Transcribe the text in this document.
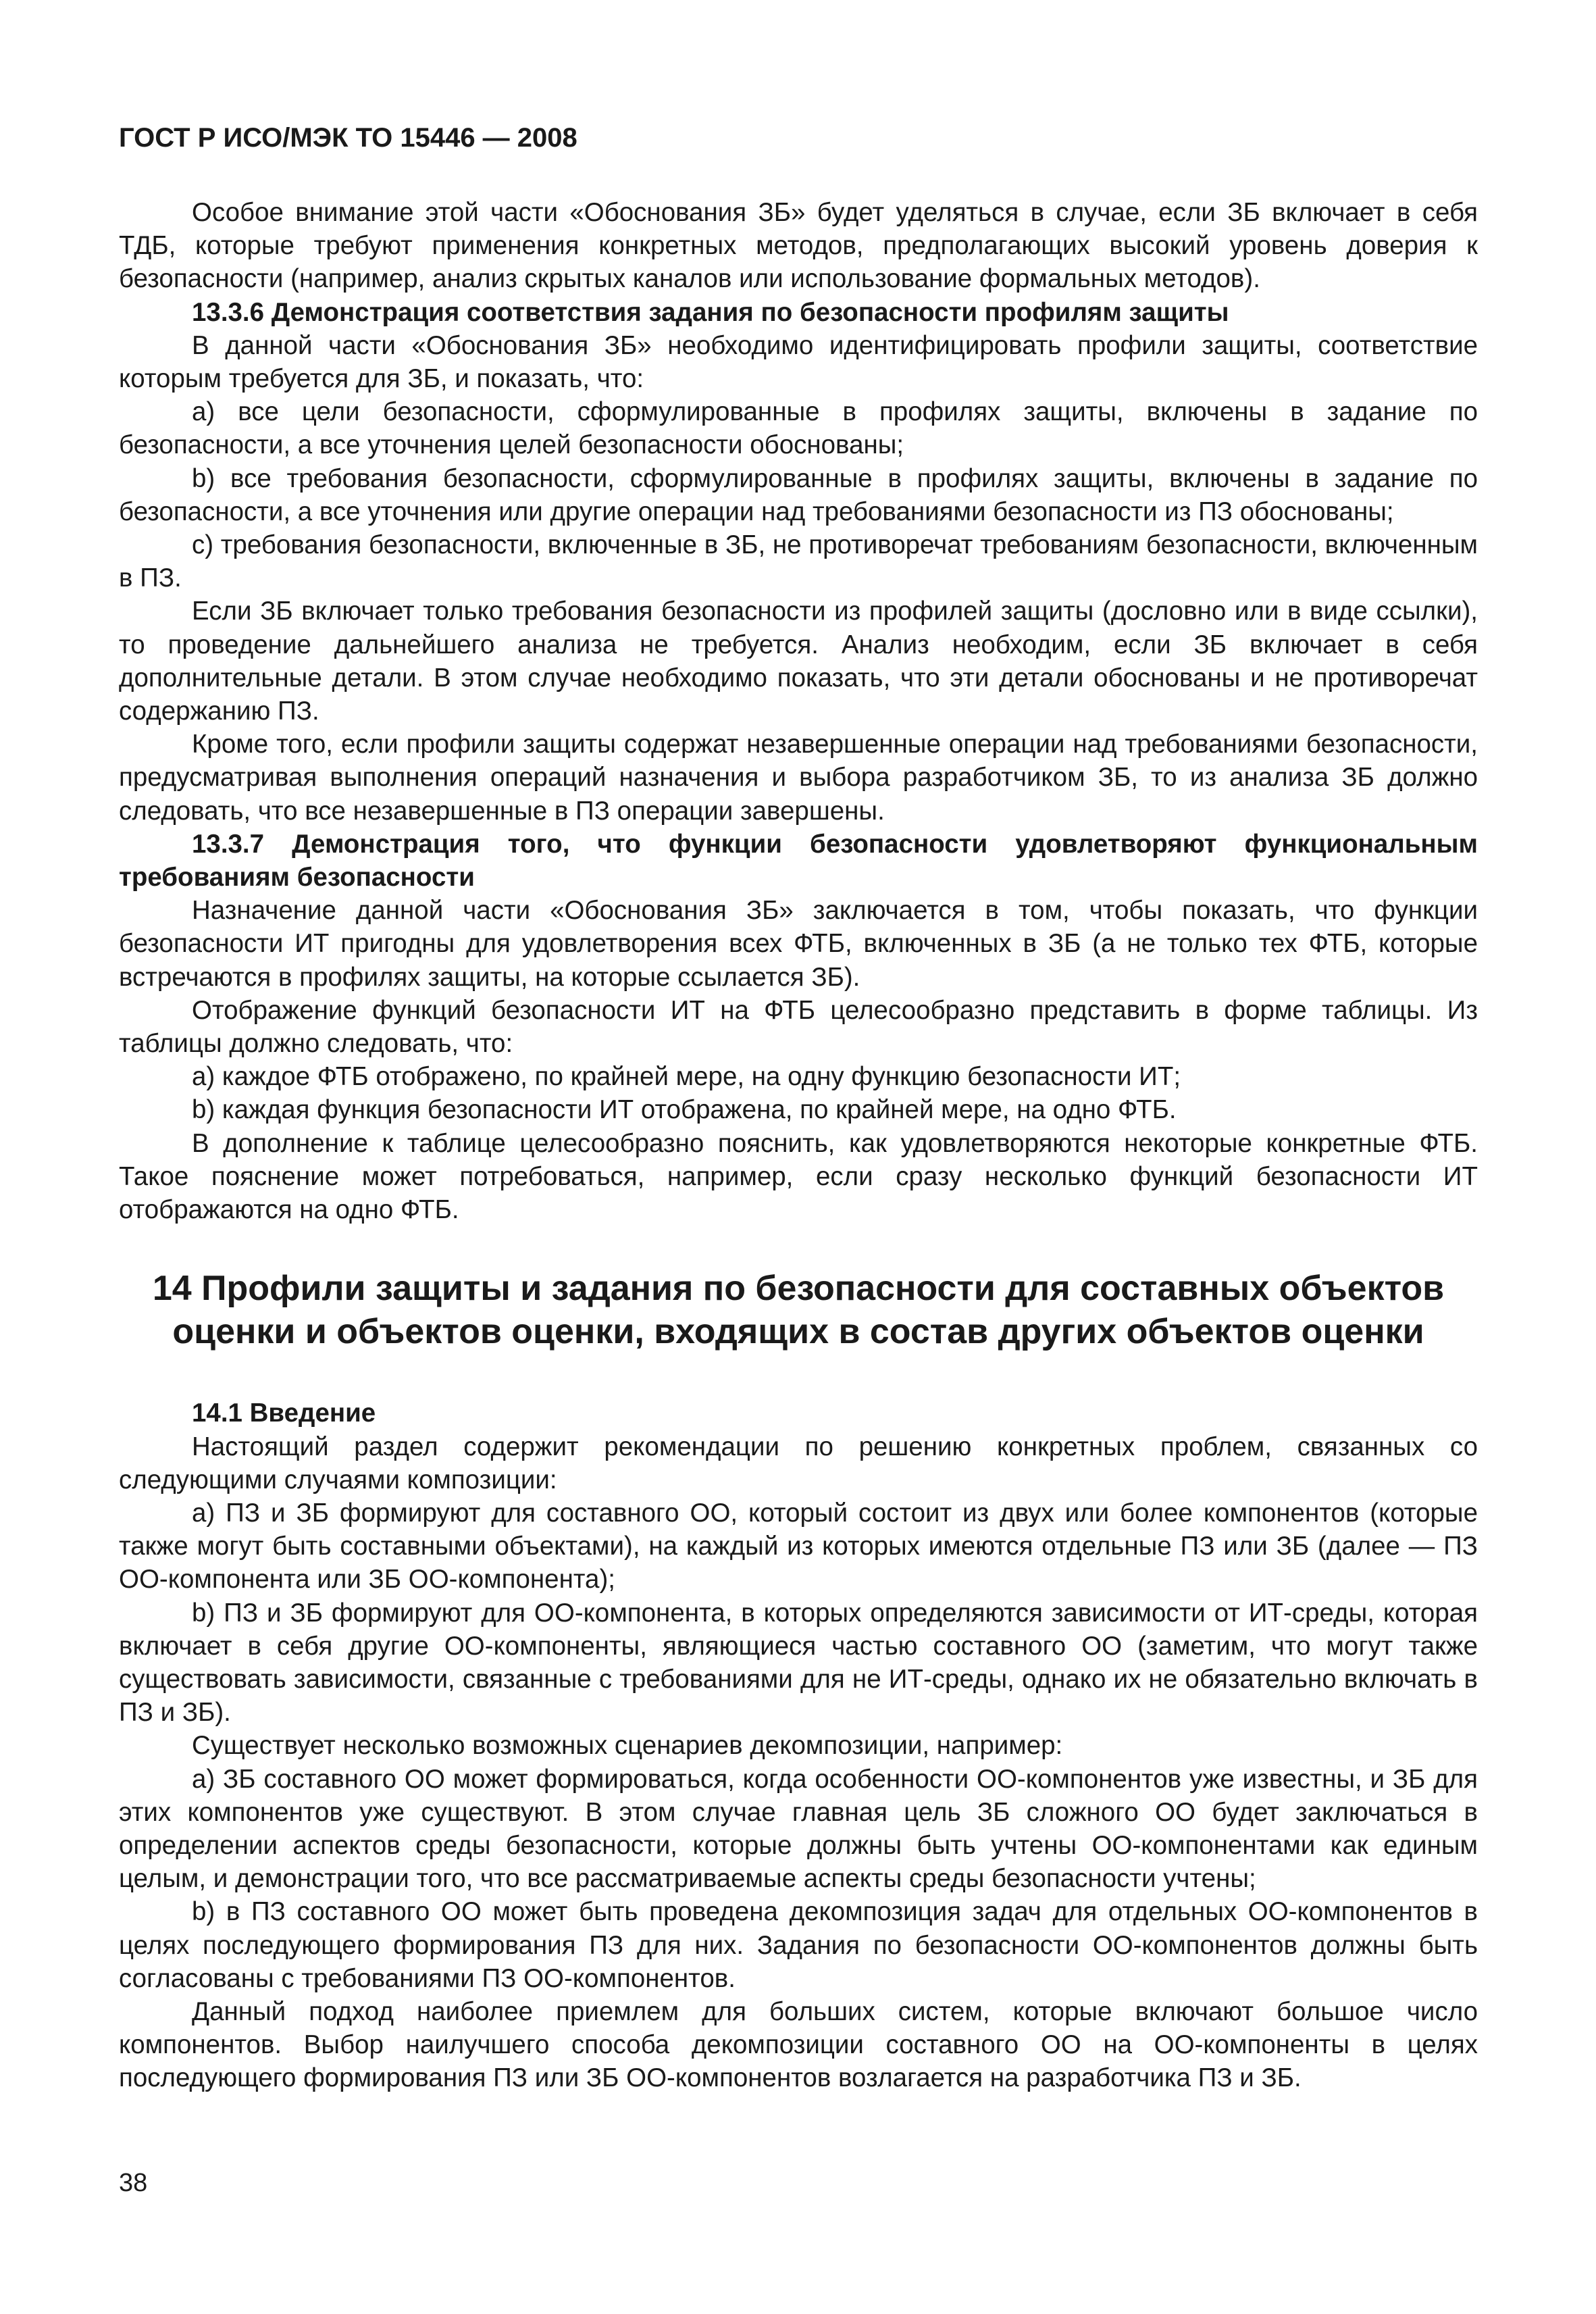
ГОСТ Р ИСО/МЭК ТО 15446 — 2008

Особое внимание этой части «Обоснования ЗБ» будет уделяться в случае, если ЗБ включает в себя ТДБ, которые требуют применения конкретных методов, предполагающих высокий уровень доверия к безопасности (например, анализ скрытых каналов или использование формальных методов).

13.3.6 Демонстрация соответствия задания по безопасности профилям защиты

В данной части «Обоснования ЗБ» необходимо идентифицировать профили защиты, соответствие которым требуется для ЗБ, и показать, что:

a) все цели безопасности, сформулированные в профилях защиты, включены в задание по безопасности, а все уточнения целей безопасности обоснованы;

b) все требования безопасности, сформулированные в профилях защиты, включены в задание по безопасности, а все уточнения или другие операции над требованиями безопасности из ПЗ обоснованы;

c) требования безопасности, включенные в ЗБ, не противоречат требованиям безопасности, включенным в ПЗ.

Если ЗБ включает только требования безопасности из профилей защиты (дословно или в виде ссылки), то проведение дальнейшего анализа не требуется. Анализ необходим, если ЗБ включает в себя дополнительные детали. В этом случае необходимо показать, что эти детали обоснованы и не противоречат содержанию ПЗ.

Кроме того, если профили защиты содержат незавершенные операции над требованиями безопасности, предусматривая выполнения операций назначения и выбора разработчиком ЗБ, то из анализа ЗБ должно следовать, что все незавершенные в ПЗ операции завершены.

13.3.7 Демонстрация того, что функции безопасности удовлетворяют функциональным требованиям безопасности

Назначение данной части «Обоснования ЗБ» заключается в том, чтобы показать, что функции безопасности ИТ пригодны для удовлетворения всех ФТБ, включенных в ЗБ (а не только тех ФТБ, которые встречаются в профилях защиты, на которые ссылается ЗБ).

Отображение функций безопасности ИТ на ФТБ целесообразно представить в форме таблицы. Из таблицы должно следовать, что:

a) каждое ФТБ отображено, по крайней мере, на одну функцию безопасности ИТ;

b) каждая функция безопасности ИТ отображена, по крайней мере, на одно ФТБ.

В дополнение к таблице целесообразно пояснить, как удовлетворяются некоторые конкретные ФТБ. Такое пояснение может потребоваться, например, если сразу несколько функций безопасности ИТ отображаются на одно ФТБ.

14 Профили защиты и задания по безопасности для составных объектов оценки и объектов оценки, входящих в состав других объектов оценки

14.1 Введение

Настоящий раздел содержит рекомендации по решению конкретных проблем, связанных со следующими случаями композиции:

a) ПЗ и ЗБ формируют для составного ОО, который состоит из двух или более компонентов (которые также могут быть составными объектами), на каждый из которых имеются отдельные ПЗ или ЗБ (далее — ПЗ ОО-компонента или ЗБ ОО-компонента);

b) ПЗ и ЗБ формируют для ОО-компонента, в которых определяются зависимости от ИТ-среды, которая включает в себя другие ОО-компоненты, являющиеся частью составного ОО (заметим, что могут также существовать зависимости, связанные с требованиями для не ИТ-среды, однако их не обязательно включать в ПЗ и ЗБ).

Существует несколько возможных сценариев декомпозиции, например:

a) ЗБ составного ОО может формироваться, когда особенности ОО-компонентов уже известны, и ЗБ для этих компонентов уже существуют. В этом случае главная цель ЗБ сложного ОО будет заключаться в определении аспектов среды безопасности, которые должны быть учтены ОО-компонентами как единым целым, и демонстрации того, что все рассматриваемые аспекты среды безопасности учтены;

b) в ПЗ составного ОО может быть проведена декомпозиция задач для отдельных ОО-компонентов в целях последующего формирования ПЗ для них. Задания по безопасности ОО-компонентов должны быть согласованы с требованиями ПЗ ОО-компонентов.

Данный подход наиболее приемлем для больших систем, которые включают большое число компонентов. Выбор наилучшего способа декомпозиции составного ОО на ОО-компоненты в целях последующего формирования ПЗ или ЗБ ОО-компонентов возлагается на разработчика ПЗ и ЗБ.

38
